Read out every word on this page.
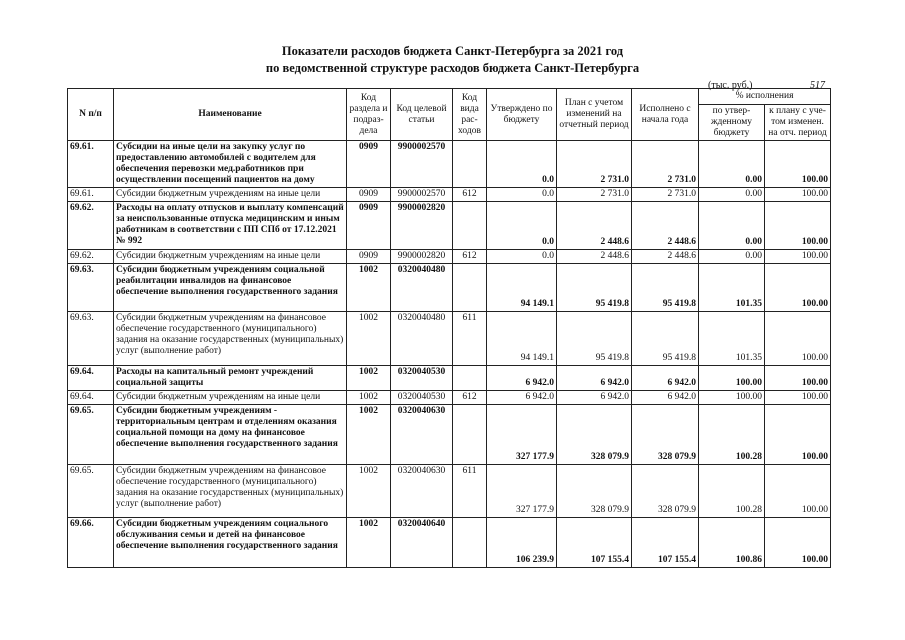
Показатели расходов бюджета Санкт-Петербурга за 2021 год
по ведомственной структуре расходов бюджета Санкт-Петербурга
(тыс. руб.)	517
N п/п	Наименование	Код раздела и подраз-дела	Код целевой статьи	Код вида рас-ходов	Утверждено по бюджету	План с учетом изменений на отчетный период	Исполнено с начала года	% исполнения	
								по утвер-жденному бюджету	к плану с уче-том изменен. на отч. период
69.61.	Субсидии на иные цели на закупку услуг по предоставлению автомобилей с водителем для обеспечения перевозки мед.работников при осуществлении посещений пациентов на дому	0909	9900002570		0.0	2 731.0	2 731.0	0.00	100.00
69.61.	Субсидии бюджетным учреждениям на иные цели	0909	9900002570	612	0.0	2 731.0	2 731.0	0.00	100.00
69.62.	Расходы на оплату отпусков и выплату компенсаций за неиспользованные отпуска медицинским и иным работникам в соответствии с ПП СПб от 17.12.2021 № 992	0909	9900002820		0.0	2 448.6	2 448.6	0.00	100.00
69.62.	Субсидии бюджетным учреждениям на иные цели	0909	9900002820	612	0.0	2 448.6	2 448.6	0.00	100.00
69.63.	Субсидии бюджетным учреждениям социальной реабилитации инвалидов на финансовое обеспечение выполнения государственного задания	1002	0320040480		94 149.1	95 419.8	95 419.8	101.35	100.00
69.63.	Субсидии бюджетным учреждениям на финансовое обеспечение государственного (муниципального) задания на оказание государственных (муниципальных) услуг (выполнение работ)	1002	0320040480	611	94 149.1	95 419.8	95 419.8	101.35	100.00
69.64.	Расходы на капитальный ремонт учреждений социальной защиты	1002	0320040530		6 942.0	6 942.0	6 942.0	100.00	100.00
69.64.	Субсидии бюджетным учреждениям на иные цели	1002	0320040530	612	6 942.0	6 942.0	6 942.0	100.00	100.00
69.65.	Субсидии бюджетным учреждениям - территориальным центрам и отделениям оказания социальной помощи на дому на финансовое обеспечение выполнения государственного задания	1002	0320040630		327 177.9	328 079.9	328 079.9	100.28	100.00
69.65.	Субсидии бюджетным учреждениям на финансовое обеспечение государственного (муниципального) задания на оказание государственных (муниципальных) услуг (выполнение работ)	1002	0320040630	611	327 177.9	328 079.9	328 079.9	100.28	100.00
69.66.	Субсидии бюджетным учреждениям социального обслуживания семьи и детей на финансовое обеспечение выполнения государственного задания	1002	0320040640		106 239.9	107 155.4	107 155.4	100.86	100.00
